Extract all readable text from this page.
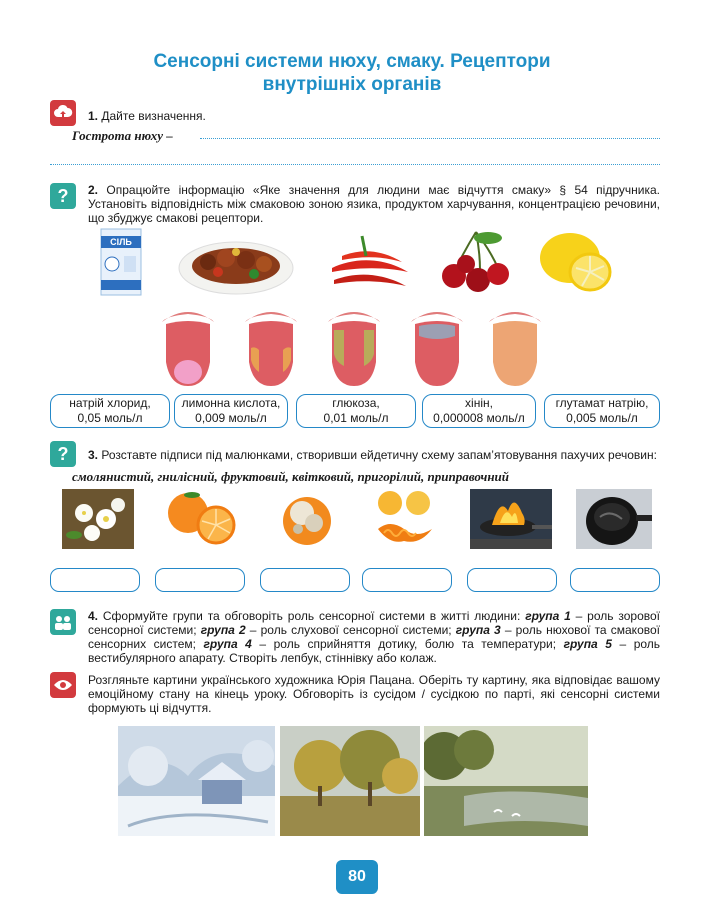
Сенсорні системи нюху, смаку. Рецептори
внутрішніх органів
1. Дайте визначення.
Гострота нюху –
? 2. Опрацюйте інформацію «Яке значення для людини має відчуття смаку» § 54 підручника. Установіть відповідність між смаковою зоною язика, продуктом харчування, концентрацією речовини, що збуджує смакові рецептори.
СІЛЬ
натрій хлорид,
0,05 моль/л
лимонна кислота,
0,009 моль/л
глюкоза,
0,01 моль/л
хінін,
0,000008 моль/л
глутамат натрію,
0,005 моль/л
? 3. Розставте підписи під малюнками, створивши ейдетичну схему запам’ятовування пахучих речовин:
смолянистий, гнилісний, фруктовий, квітковий, пригорілий, приправочний
4. Сформуйте групи та обговоріть роль сенсорної системи в житті людини: група 1 – роль зорової сенсорної системи; група 2 – роль слухової сенсорної системи; група 3 – роль нюхової та смакової сенсорних систем; група 4 – роль сприйняття дотику, болю та температури; група 5 – роль вестибулярного апарату. Створіть лепбук, стіннівку або колаж.
Розгляньте картини українського художника Юрія Пацана. Оберіть ту картину, яка відповідає вашому емоційному стану на кінець уроку. Обговоріть із сусідом / сусідкою по парті, які сенсорні системи формують ці відчуття.
80
